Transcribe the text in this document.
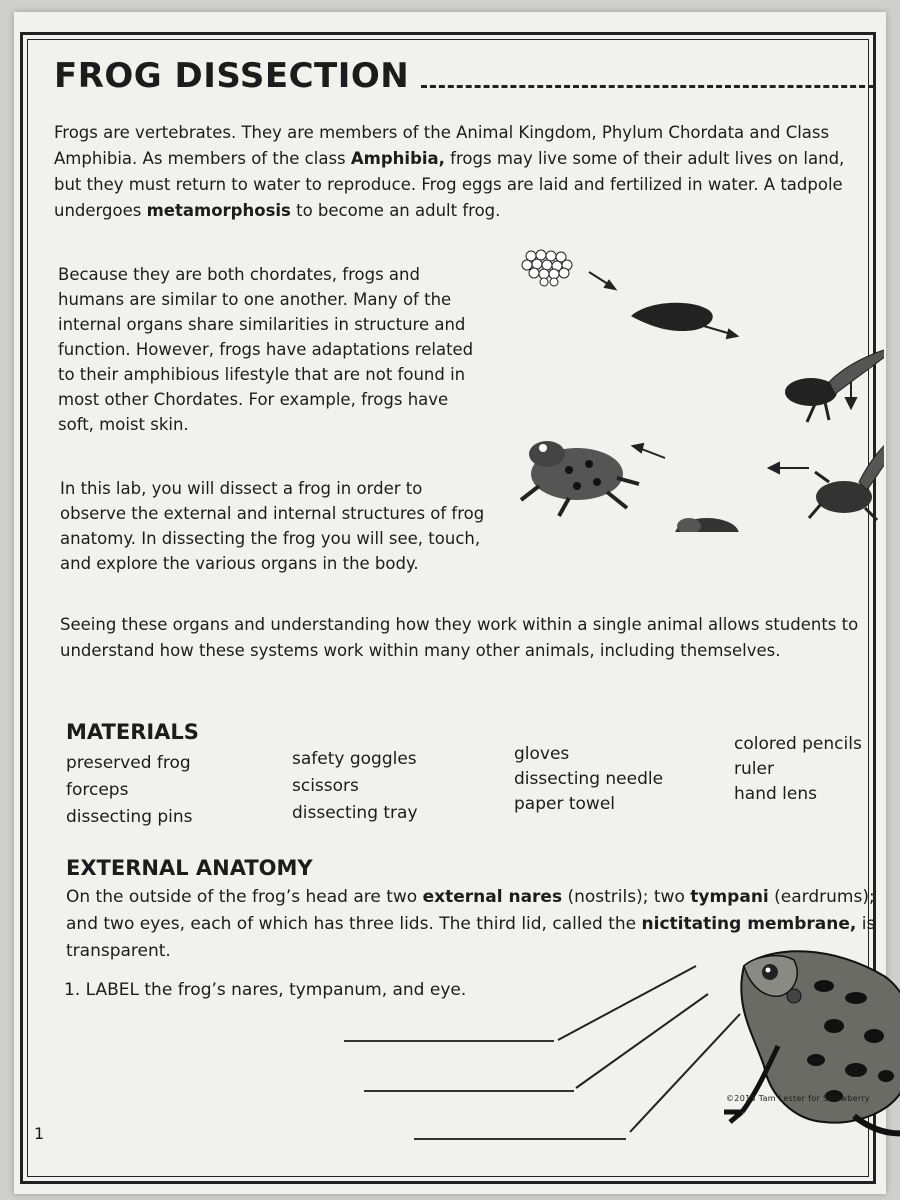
FROG DISSECTION

Frogs are vertebrates. They are members of the Animal Kingdom, Phylum Chordata and Class Amphibia. As members of the class Amphibia, frogs may live some of their adult lives on land, but they must return to water to reproduce. Frog eggs are laid and fertilized in water. A tadpole undergoes metamorphosis to become an adult frog.

Because they are both chordates, frogs and humans are similar to one another. Many of the internal organs share similarities in structure and function. However, frogs have adaptations related to their amphibious lifestyle that are not found in most other Chordates. For example, frogs have soft, moist skin.

In this lab, you will dissect a frog in order to observe the external and internal structures of frog anatomy. In dissecting the frog you will see, touch, and explore the various organs in the body.

Seeing these organs and understanding how they work within a single animal allows students to understand how these systems work within many other animals, including themselves.

MATERIALS
preserved frog
forceps
dissecting pins
safety goggles
scissors
dissecting tray
gloves
dissecting needle
paper towel
colored pencils
ruler
hand lens
EXTERNAL ANATOMY

On the outside of the frog’s head are two external nares (nostrils); two tympani (eardrums); and two eyes, each of which has three lids. The third lid, called the nictitating membrane, is transparent.

1. LABEL the frog’s nares, tympanum, and eye.
©2015 Tam Lester for Strawberry
1
